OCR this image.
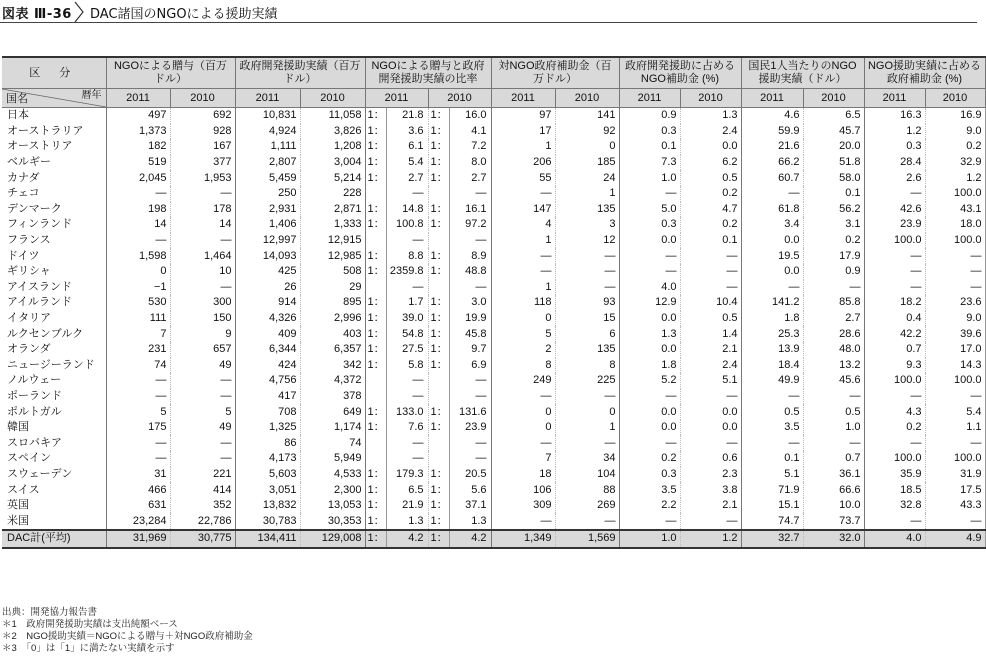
図表 Ⅲ-36 DAC諸国のNGOによる援助実績
区 分	NGOによる贈与（百万ドル）		政府開発援助実績（百万ドル）		NGOによる贈与と政府開発援助実績の比率				対NGO政府補助金（百万ドル）		政府開発援助に占めるNGO補助金 (%)		国民1人当たりのNGO援助実績（ドル）		NGO援助実績に占める政府補助金 (%)	

国名 暦年	2011	2010	2011	2010	2011		2010		2011	2010	2011	2010	2011	2010	2011	2010
日本	497	692	10,831	11,058	1：	21.8	1：	16.0	97	141	0.9	1.3	4.6	6.5	16.3	16.9
オーストラリア	1,373	928	4,924	3,826	1：	3.6	1：	4.1	17	92	0.3	2.4	59.9	45.7	1.2	9.0
オーストリア	182	167	1,111	1,208	1：	6.1	1：	7.2	1	0	0.1	0.0	21.6	20.0	0.3	0.2
ベルギー	519	377	2,807	3,004	1：	5.4	1：	8.0	206	185	7.3	6.2	66.2	51.8	28.4	32.9
カナダ	2,045	1,953	5,459	5,214	1：	2.7	1：	2.7	55	24	1.0	0.5	60.7	58.0	2.6	1.2
チェコ	—	—	250	228		—		—	—	1	—	0.2	—	0.1	—	100.0
デンマーク	198	178	2,931	2,871	1：	14.8	1：	16.1	147	135	5.0	4.7	61.8	56.2	42.6	43.1
フィンランド	14	14	1,406	1,333	1：	100.8	1：	97.2	4	3	0.3	0.2	3.4	3.1	23.9	18.0
フランス	—	—	12,997	12,915		—		—	1	12	0.0	0.1	0.0	0.2	100.0	100.0
ドイツ	1,598	1,464	14,093	12,985	1：	8.8	1：	8.9	—	—	—	—	19.5	17.9	—	—
ギリシャ	0	10	425	508	1：	2359.8	1：	48.8	—	—	—	—	0.0	0.9	—	—
アイスランド	−1	—	26	29		—		—	1	—	4.0	—	—	—	—	—
アイルランド	530	300	914	895	1：	1.7	1：	3.0	118	93	12.9	10.4	141.2	85.8	18.2	23.6
イタリア	111	150	4,326	2,996	1：	39.0	1：	19.9	0	15	0.0	0.5	1.8	2.7	0.4	9.0
ルクセンブルク	7	9	409	403	1：	54.8	1：	45.8	5	6	1.3	1.4	25.3	28.6	42.2	39.6
オランダ	231	657	6,344	6,357	1：	27.5	1：	9.7	2	135	0.0	2.1	13.9	48.0	0.7	17.0
ニュージーランド	74	49	424	342	1：	5.8	1：	6.9	8	8	1.8	2.4	18.4	13.2	9.3	14.3
ノルウェー	—	—	4,756	4,372		—		—	249	225	5.2	5.1	49.9	45.6	100.0	100.0
ポーランド	—	—	417	378		—		—	—	—	—	—	—	—	—	—
ポルトガル	5	5	708	649	1：	133.0	1：	131.6	0	0	0.0	0.0	0.5	0.5	4.3	5.4
韓国	175	49	1,325	1,174	1：	7.6	1：	23.9	0	1	0.0	0.0	3.5	1.0	0.2	1.1
スロバキア	—	—	86	74		—		—	—	—	—	—	—	—	—	—
スペイン	—	—	4,173	5,949		—		—	7	34	0.2	0.6	0.1	0.7	100.0	100.0
スウェーデン	31	221	5,603	4,533	1：	179.3	1：	20.5	18	104	0.3	2.3	5.1	36.1	35.9	31.9
スイス	466	414	3,051	2,300	1：	6.5	1：	5.6	106	88	3.5	3.8	71.9	66.6	18.5	17.5
英国	631	352	13,832	13,053	1：	21.9	1：	37.1	309	269	2.2	2.1	15.1	10.0	32.8	43.3
米国	23,284	22,786	30,783	30,353	1：	1.3	1：	1.3	—	—	—	—	74.7	73.7	—	—
DAC計(平均)	31,969	30,775	134,411	129,008	1：	4.2	1：	4.2	1,349	1,569	1.0	1.2	32.7	32.0	4.0	4.9
出典：開発協力報告書
＊1　政府開発援助実績は支出純額ベース
＊2　NGO援助実績＝NGOによる贈与＋対NGO政府補助金
＊3　「0」は「1」に満たない実績を示す
